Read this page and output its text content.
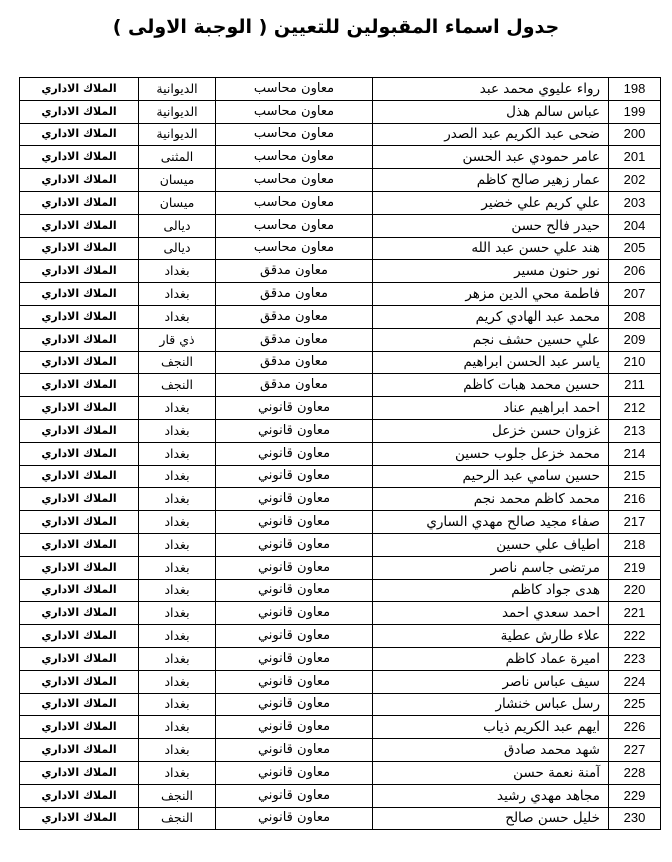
جدول اسماء المقبولين للتعيين ( الوجبة الاولى )
الملاك الاداري	الديوانية	معاون محاسب	رواء عليوي محمد عبد	198
الملاك الاداري	الديوانية	معاون محاسب	عباس سالم هذل	199
الملاك الاداري	الديوانية	معاون محاسب	ضحى عبد الكريم عبد الصدر	200
الملاك الاداري	المثنى	معاون محاسب	عامر حمودي عبد الحسن	201
الملاك الاداري	ميسان	معاون محاسب	عمار زهير صالح كاظم	202
الملاك الاداري	ميسان	معاون محاسب	علي كريم علي خضير	203
الملاك الاداري	ديالى	معاون محاسب	حيدر فالح حسن	204
الملاك الاداري	ديالى	معاون محاسب	هند علي حسن عبد الله	205
الملاك الاداري	بغداد	معاون مدقق	نور حنون مسير	206
الملاك الاداري	بغداد	معاون مدقق	فاطمة محي الدين مزهر	207
الملاك الاداري	بغداد	معاون مدقق	محمد عبد الهادي كريم	208
الملاك الاداري	ذي قار	معاون مدقق	علي حسين حشف نجم	209
الملاك الاداري	النجف	معاون مدقق	ياسر عبد الحسن ابراهيم	210
الملاك الاداري	النجف	معاون مدقق	حسين محمد هبات كاظم	211
الملاك الاداري	بغداد	معاون قانوني	احمد ابراهيم عناد	212
الملاك الاداري	بغداد	معاون قانوني	غزوان حسن خزعل	213
الملاك الاداري	بغداد	معاون قانوني	محمد خزعل جلوب حسين	214
الملاك الاداري	بغداد	معاون قانوني	حسين سامي عبد الرحيم	215
الملاك الاداري	بغداد	معاون قانوني	محمد كاظم محمد نجم	216
الملاك الاداري	بغداد	معاون قانوني	صفاء مجيد صالح مهدي الساري	217
الملاك الاداري	بغداد	معاون قانوني	اطياف علي حسين	218
الملاك الاداري	بغداد	معاون قانوني	مرتضى جاسم ناصر	219
الملاك الاداري	بغداد	معاون قانوني	هدى جواد كاظم	220
الملاك الاداري	بغداد	معاون قانوني	احمد سعدي احمد	221
الملاك الاداري	بغداد	معاون قانوني	علاء طارش عطية	222
الملاك الاداري	بغداد	معاون قانوني	اميرة عماد كاظم	223
الملاك الاداري	بغداد	معاون قانوني	سيف عباس ناصر	224
الملاك الاداري	بغداد	معاون قانوني	رسل عباس خنشار	225
الملاك الاداري	بغداد	معاون قانوني	ايهم عبد الكريم ذياب	226
الملاك الاداري	بغداد	معاون قانوني	شهد محمد صادق	227
الملاك الاداري	بغداد	معاون قانوني	آمنة نعمة حسن	228
الملاك الاداري	النجف	معاون قانوني	مجاهد مهدي رشيد	229
الملاك الاداري	النجف	معاون قانوني	خليل حسن صالح	230
